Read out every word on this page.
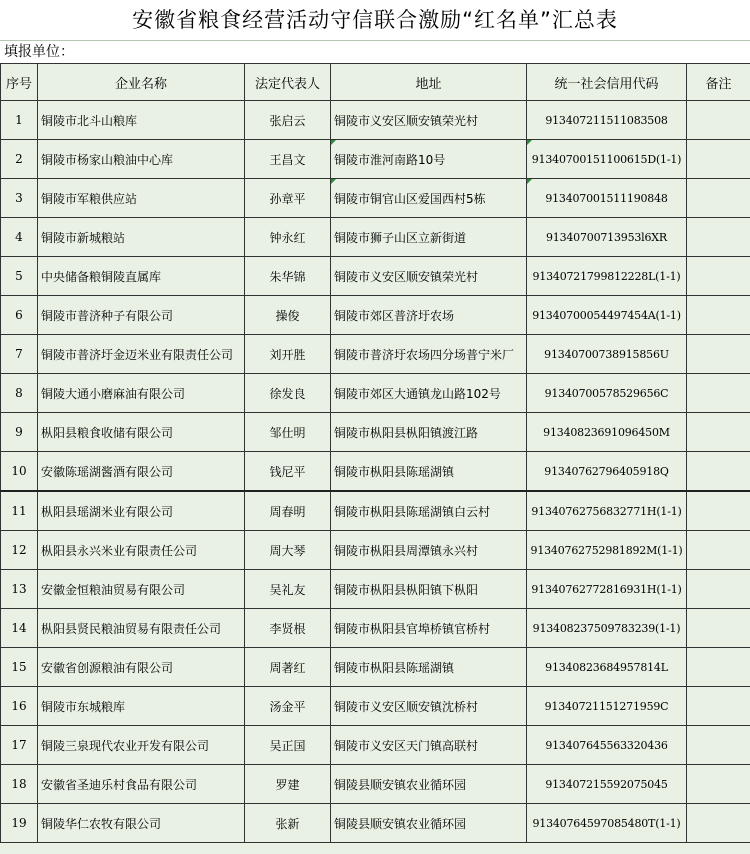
安徽省粮食经营活动守信联合激励“红名单”汇总表
填报单位：
序号	企业名称	法定代表人	地址	统一社会信用代码	备注
1	铜陵市北斗山粮库	张启云	铜陵市义安区顺安镇荣光村	913407211511083508	
2	铜陵市杨家山粮油中心库	王昌文	铜陵市淮河南路10号	91340700151100615D(1-1)	
3	铜陵市军粮供应站	孙章平	铜陵市铜官山区爱国西村5栋	913407001511190848	
4	铜陵市新城粮站	钟永红	铜陵市狮子山区立新街道	91340700713953l6XR	
5	中央储备粮铜陵直属库	朱华锦	铜陵市义安区顺安镇荣光村	91340721799812228L(1-1)	
6	铜陵市普济种子有限公司	操俊	铜陵市郊区普济圩农场	91340700054497454A(1-1)	
7	铜陵市普济圩金迈米业有限责任公司	刘开胜	铜陵市普济圩农场四分场普宁米厂	91340700738915856U	
8	铜陵大通小磨麻油有限公司	徐发良	铜陵市郊区大通镇龙山路102号	91340700578529656C	
9	枞阳县粮食收储有限公司	邹仕明	铜陵市枞阳县枞阳镇渡江路	91340823691096450M	
10	安徽陈瑶湖酱酒有限公司	钱尼平	铜陵市枞阳县陈瑶湖镇	91340762796405918Q	
11	枞阳县瑶湖米业有限公司	周春明	铜陵市枞阳县陈瑶湖镇白云村	91340762756832771H(1-1)	
12	枞阳县永兴米业有限责任公司	周大琴	铜陵市枞阳县周潭镇永兴村	91340762752981892M(1-1)	
13	安徽金恒粮油贸易有限公司	吴礼友	铜陵市枞阳县枞阳镇下枞阳	91340762772816931H(1-1)	
14	枞阳县贤民粮油贸易有限责任公司	李贤根	铜陵市枞阳县官埠桥镇官桥村	91340823750978323​9(1-1)	
15	安徽省创源粮油有限公司	周著红	铜陵市枞阳县陈瑶湖镇	91340823684957814L	
16	铜陵市东城粮库	汤金平	铜陵市义安区顺安镇沈桥村	91340721151271959C	
17	铜陵三泉现代农业开发有限公司	吴正国	铜陵市义安区天门镇高联村	913407645563320436	
18	安徽省圣迪乐村食品有限公司	罗建	铜陵县顺安镇农业循环园	913407215592075045	
19	铜陵华仁农牧有限公司	张新	铜陵县顺安镇农业循环园	91340764597085480T(1-1)	
